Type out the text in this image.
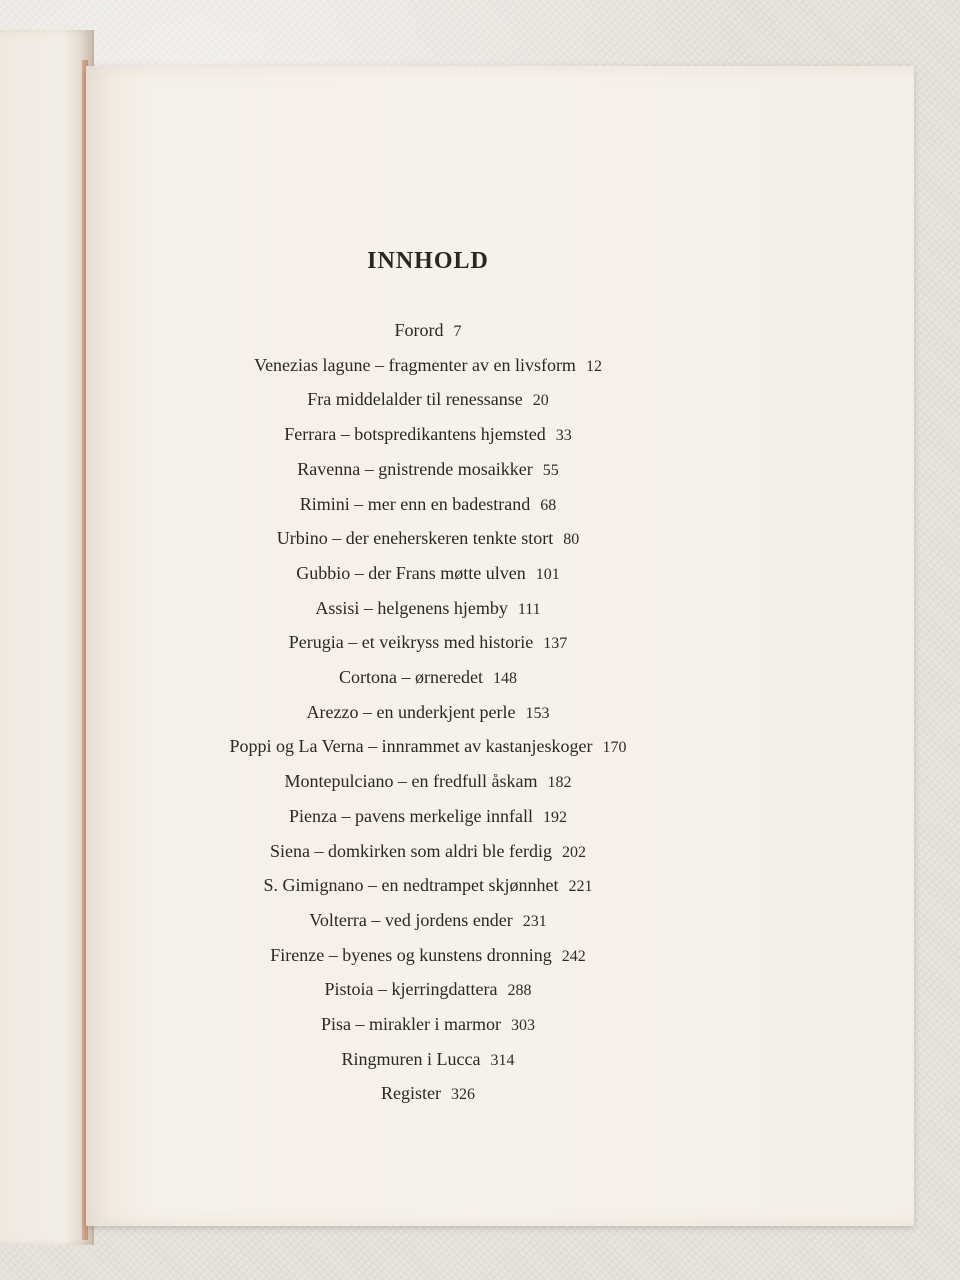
INNHOLD
Forord 7
Venezias lagune – fragmenter av en livsform 12
Fra middelalder til renessanse 20
Ferrara – botspredikantens hjemsted 33
Ravenna – gnistrende mosaikker 55
Rimini – mer enn en badestrand 68
Urbino – der eneherskeren tenkte stort 80
Gubbio – der Frans møtte ulven 101
Assisi – helgenens hjemby 111
Perugia – et veikryss med historie 137
Cortona – ørneredet 148
Arezzo – en underkjent perle 153
Poppi og La Verna – innrammet av kastanjeskoger 170
Montepulciano – en fredfull åskam 182
Pienza – pavens merkelige innfall 192
Siena – domkirken som aldri ble ferdig 202
S. Gimignano – en nedtrampet skjønnhet 221
Volterra – ved jordens ender 231
Firenze – byenes og kunstens dronning 242
Pistoia – kjerringdattera 288
Pisa – mirakler i marmor 303
Ringmuren i Lucca 314
Register 326
